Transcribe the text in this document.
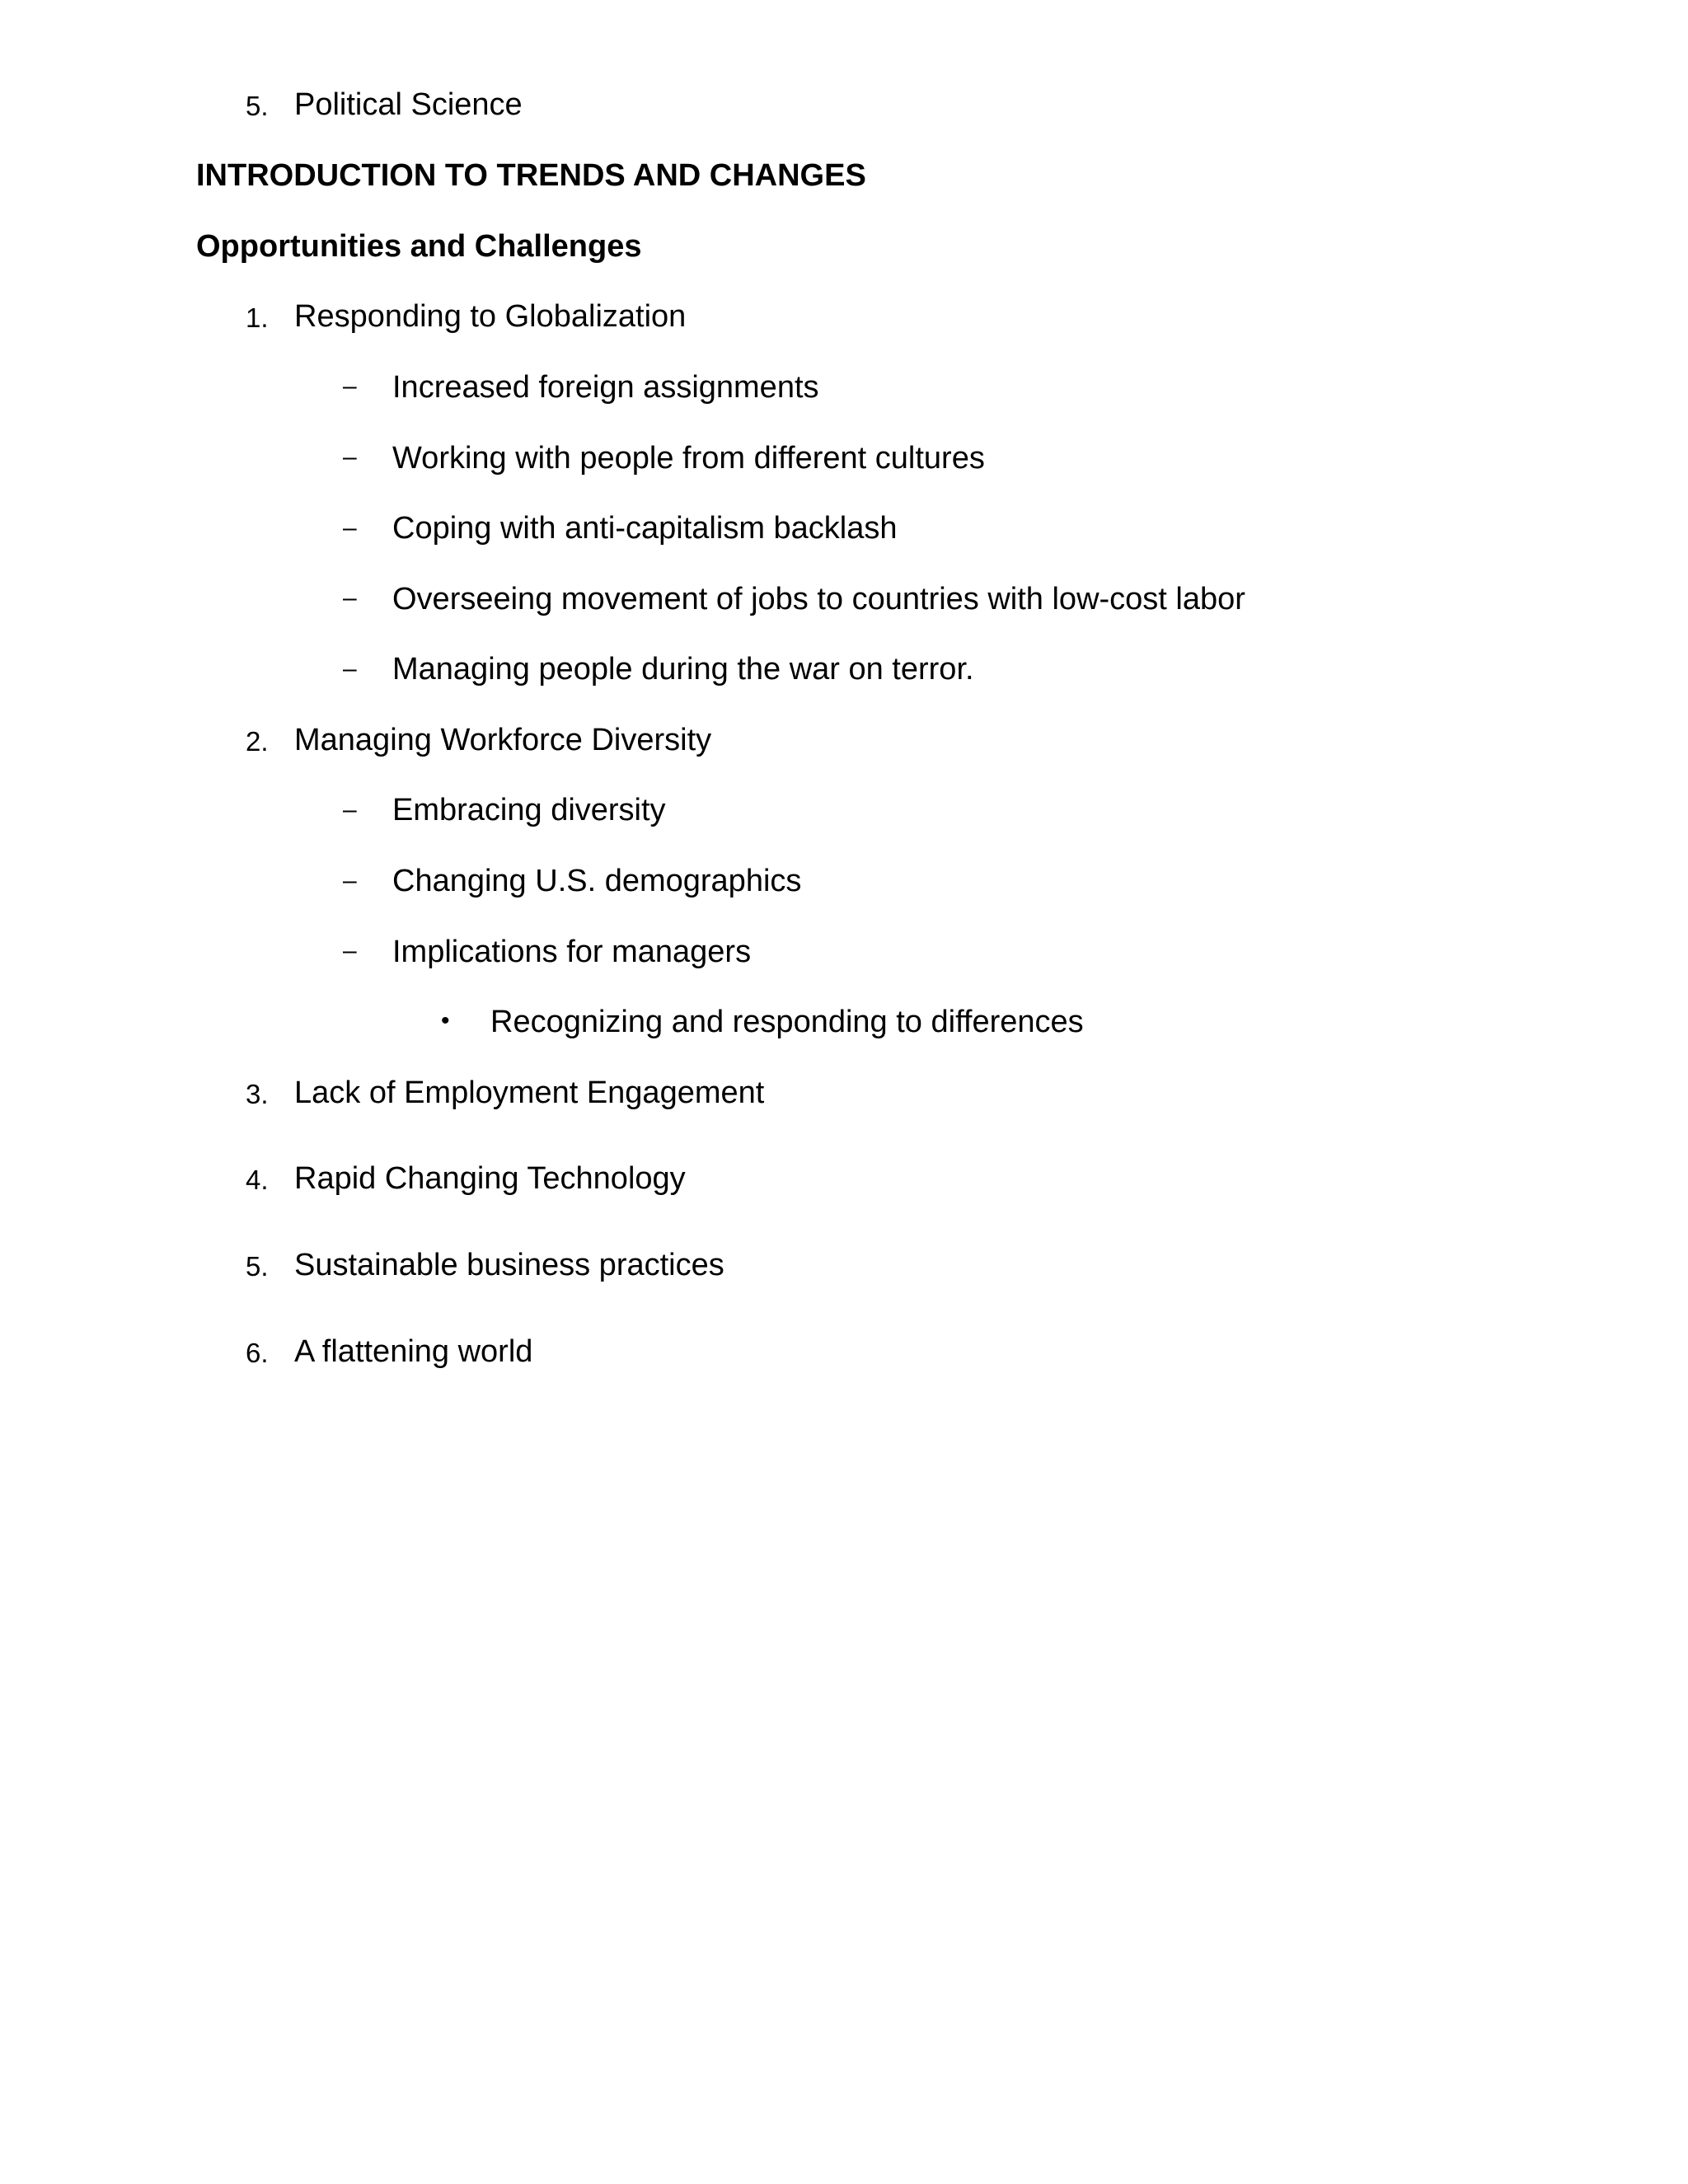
5. Political Science
INTRODUCTION TO TRENDS AND CHANGES
Opportunities and Challenges
1. Responding to Globalization
– Increased foreign assignments
– Working with people from different cultures
– Coping with anti-capitalism backlash
– Overseeing movement of jobs to countries with low-cost labor
– Managing people during the war on terror.
2. Managing Workforce Diversity
– Embracing diversity
– Changing U.S. demographics
– Implications for managers
• Recognizing and responding to differences
3. Lack of Employment Engagement
4. Rapid Changing Technology
5. Sustainable business practices
6. A flattening world
